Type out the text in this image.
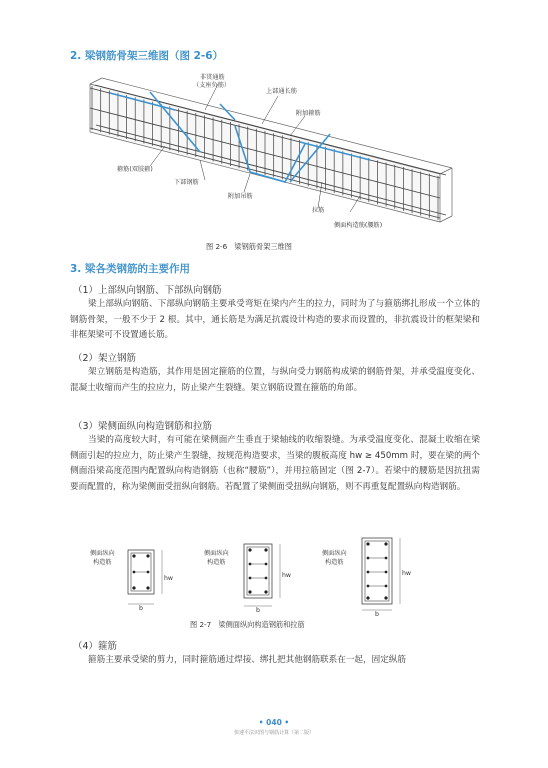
2. 梁钢筋骨架三维图（图 2-6）
非贯通筋
（支座负筋）
上部通长筋
附加箍筋
箍筋(双肢箍)
下部钢筋
附加吊筋
拉筋
侧面构造筋(腰筋)
图 2-6　梁钢筋骨架三维图
3. 梁各类钢筋的主要作用
（1）上部纵向钢筋、下部纵向钢筋
梁上部纵向钢筋、下部纵向钢筋主要承受弯矩在梁内产生的拉力，同时为了与箍筋绑扎形成一个立体的钢筋骨架，一般不少于 2 根。其中，通长筋是为满足抗震设计构造的要求而设置的，非抗震设计的框架梁和非框架梁可不设置通长筋。
（2）架立钢筋
架立钢筋是构造筋，其作用是固定箍筋的位置，与纵向受力钢筋构成梁的钢筋骨架，并承受温度变化、混凝土收缩而产生的拉应力，防止梁产生裂缝。架立钢筋设置在箍筋的角部。
（3）梁侧面纵向构造钢筋和拉筋
当梁的高度较大时，有可能在梁侧面产生垂直于梁轴线的收缩裂缝。为承受温度变化、混凝土收缩在梁侧面引起的拉应力，防止梁产生裂缝，按规范构造要求，当梁的腹板高度 hw ≥ 450mm 时，要在梁的两个侧面沿梁高度范围内配置纵向构造钢筋（也称“腰筋”），并用拉筋固定（图 2-7）。若梁中的腰筋是因抗扭需要而配置的，称为梁侧面受扭纵向钢筋。若配置了梁侧面受扭纵向钢筋，则不再重复配置纵向构造钢筋。
侧面纵向
构造筋
侧面纵向
构造筋
侧面纵向
构造筋
hw	hw	hw
b	b
b
图 2-7　梁侧面纵向构造钢筋和拉筋
（4）箍筋
箍筋主要承受梁的剪力，同时箍筋通过焊接、绑扎把其他钢筋联系在一起，固定纵筋
• 040 •
快速平法识图与钢筋计算（第二版）
